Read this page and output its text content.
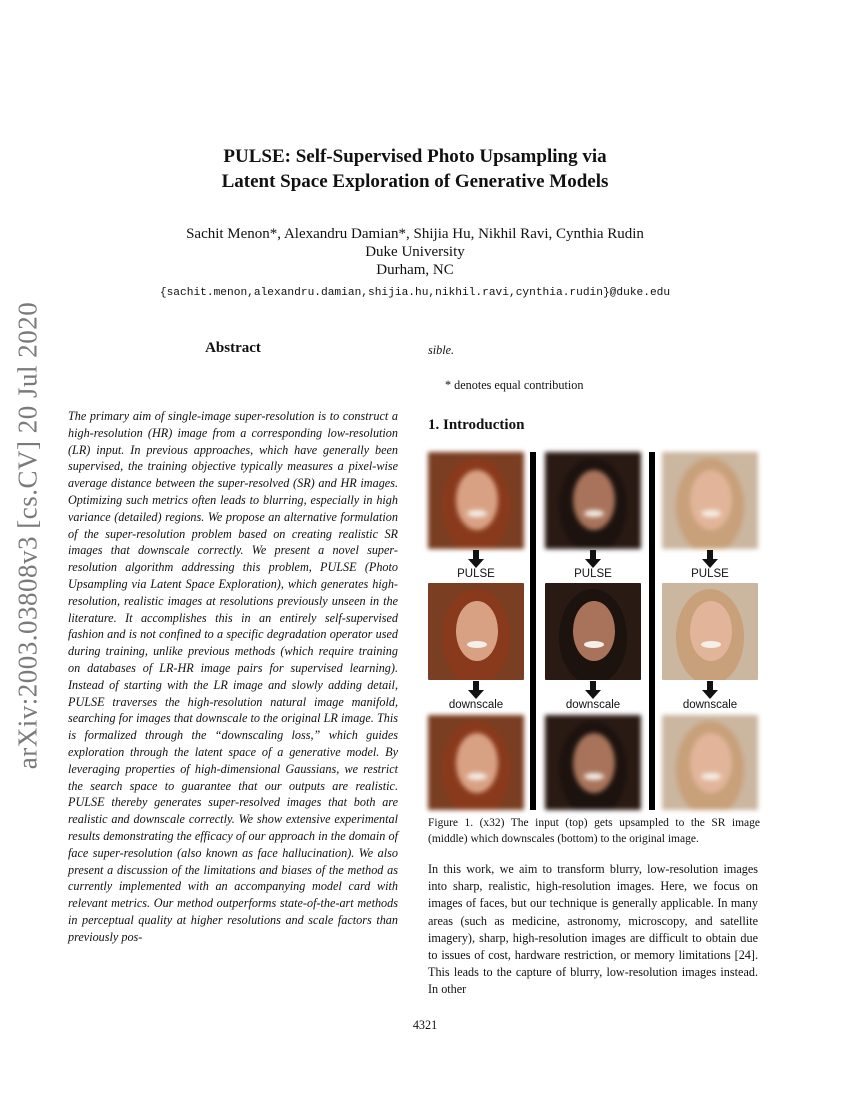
arXiv:2003.03808v3 [cs.CV] 20 Jul 2020
PULSE: Self-Supervised Photo Upsampling via
Latent Space Exploration of Generative Models
Sachit Menon*, Alexandru Damian*, Shijia Hu, Nikhil Ravi, Cynthia Rudin
Duke University
Durham, NC
{sachit.menon,alexandru.damian,shijia.hu,nikhil.ravi,cynthia.rudin}@duke.edu
Abstract
The primary aim of single-image super-resolution is to construct a high-resolution (HR) image from a corresponding low-resolution (LR) input. In previous approaches, which have generally been supervised, the training objective typically measures a pixel-wise average distance between the super-resolved (SR) and HR images. Optimizing such metrics often leads to blurring, especially in high variance (detailed) regions. We propose an alternative formulation of the super-resolution problem based on creating realistic SR images that downscale correctly. We present a novel super-resolution algorithm addressing this problem, PULSE (Photo Upsampling via Latent Space Exploration), which generates high-resolution, realistic images at resolutions previously unseen in the literature. It accomplishes this in an entirely self-supervised fashion and is not confined to a specific degradation operator used during training, unlike previous methods (which require training on databases of LR-HR image pairs for supervised learning). Instead of starting with the LR image and slowly adding detail, PULSE traverses the high-resolution natural image manifold, searching for images that downscale to the original LR image. This is formalized through the “downscaling loss,” which guides exploration through the latent space of a generative model. By leveraging properties of high-dimensional Gaussians, we restrict the search space to guarantee that our outputs are realistic. PULSE thereby generates super-resolved images that both are realistic and downscale correctly. We show extensive experimental results demonstrating the efficacy of our approach in the domain of face super-resolution (also known as face hallucination). We also present a discussion of the limitations and biases of the method as currently implemented with an accompanying model card with relevant metrics. Our method outperforms state-of-the-art methods in perceptual quality at higher resolutions and scale factors than previously pos-
sible.
* denotes equal contribution
1. Introduction
PULSE
downscale
PULSE
downscale
PULSE
downscale
Figure 1. (x32) The input (top) gets upsampled to the SR image (middle) which downscales (bottom) to the original image.
In this work, we aim to transform blurry, low-resolution images into sharp, realistic, high-resolution images. Here, we focus on images of faces, but our technique is generally applicable. In many areas (such as medicine, astronomy, microscopy, and satellite imagery), sharp, high-resolution images are difficult to obtain due to issues of cost, hardware restriction, or memory limitations [24]. This leads to the capture of blurry, low-resolution images instead. In other
4321
